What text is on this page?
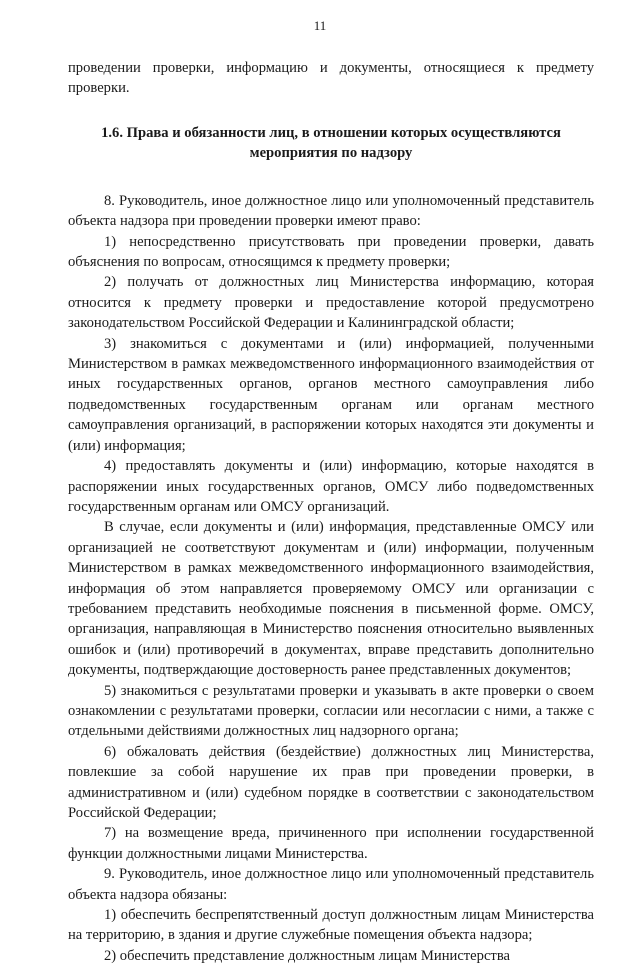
11

проведении проверки, информацию и документы, относящиеся к предмету проверки.

1.6. Права и обязанности лиц, в отношении которых осуществляются
мероприятия по надзору

8. Руководитель, иное должностное лицо или уполномоченный представитель объекта надзора при проведении проверки имеют право:

1) непосредственно присутствовать при проведении проверки, давать объяснения по вопросам, относящимся к предмету проверки;

2) получать от должностных лиц Министерства информацию, которая относится к предмету проверки и предоставление которой предусмотрено законодательством Российской Федерации и Калининградской области;

3) знакомиться с документами и (или) информацией, полученными Министерством в рамках межведомственного информационного взаимодействия от иных государственных органов, органов местного самоуправления либо подведомственных государственным органам или органам местного самоуправления организаций, в распоряжении которых находятся эти документы и (или) информация;

4) предоставлять документы и (или) информацию, которые находятся в распоряжении иных государственных органов, ОМСУ либо подведомственных государственным органам или ОМСУ организаций.

В случае, если документы и (или) информация, представленные ОМСУ или организацией не соответствуют документам и (или) информации, полученным Министерством в рамках межведомственного информационного взаимодействия, информация об этом направляется проверяемому ОМСУ или организации с требованием представить необходимые пояснения в письменной форме. ОМСУ, организация, направляющая в Министерство пояснения относительно выявленных ошибок и (или) противоречий в документах, вправе представить дополнительно документы, подтверждающие достоверность ранее представленных документов;

5) знакомиться с результатами проверки и указывать в акте проверки о своем ознакомлении с результатами проверки, согласии или несогласии с ними, а также с отдельными действиями должностных лиц надзорного органа;

6) обжаловать действия (бездействие) должностных лиц Министерства, повлекшие за собой нарушение их прав при проведении проверки, в административном и (или) судебном порядке в соответствии с законодательством Российской Федерации;

7) на возмещение вреда, причиненного при исполнении государственной функции должностными лицами Министерства.

9. Руководитель, иное должностное лицо или уполномоченный представитель объекта надзора обязаны:

1) обеспечить беспрепятственный доступ должностным лицам Министерства на территорию, в здания и другие служебные помещения объекта надзора;

2) обеспечить представление должностным лицам Министерства
